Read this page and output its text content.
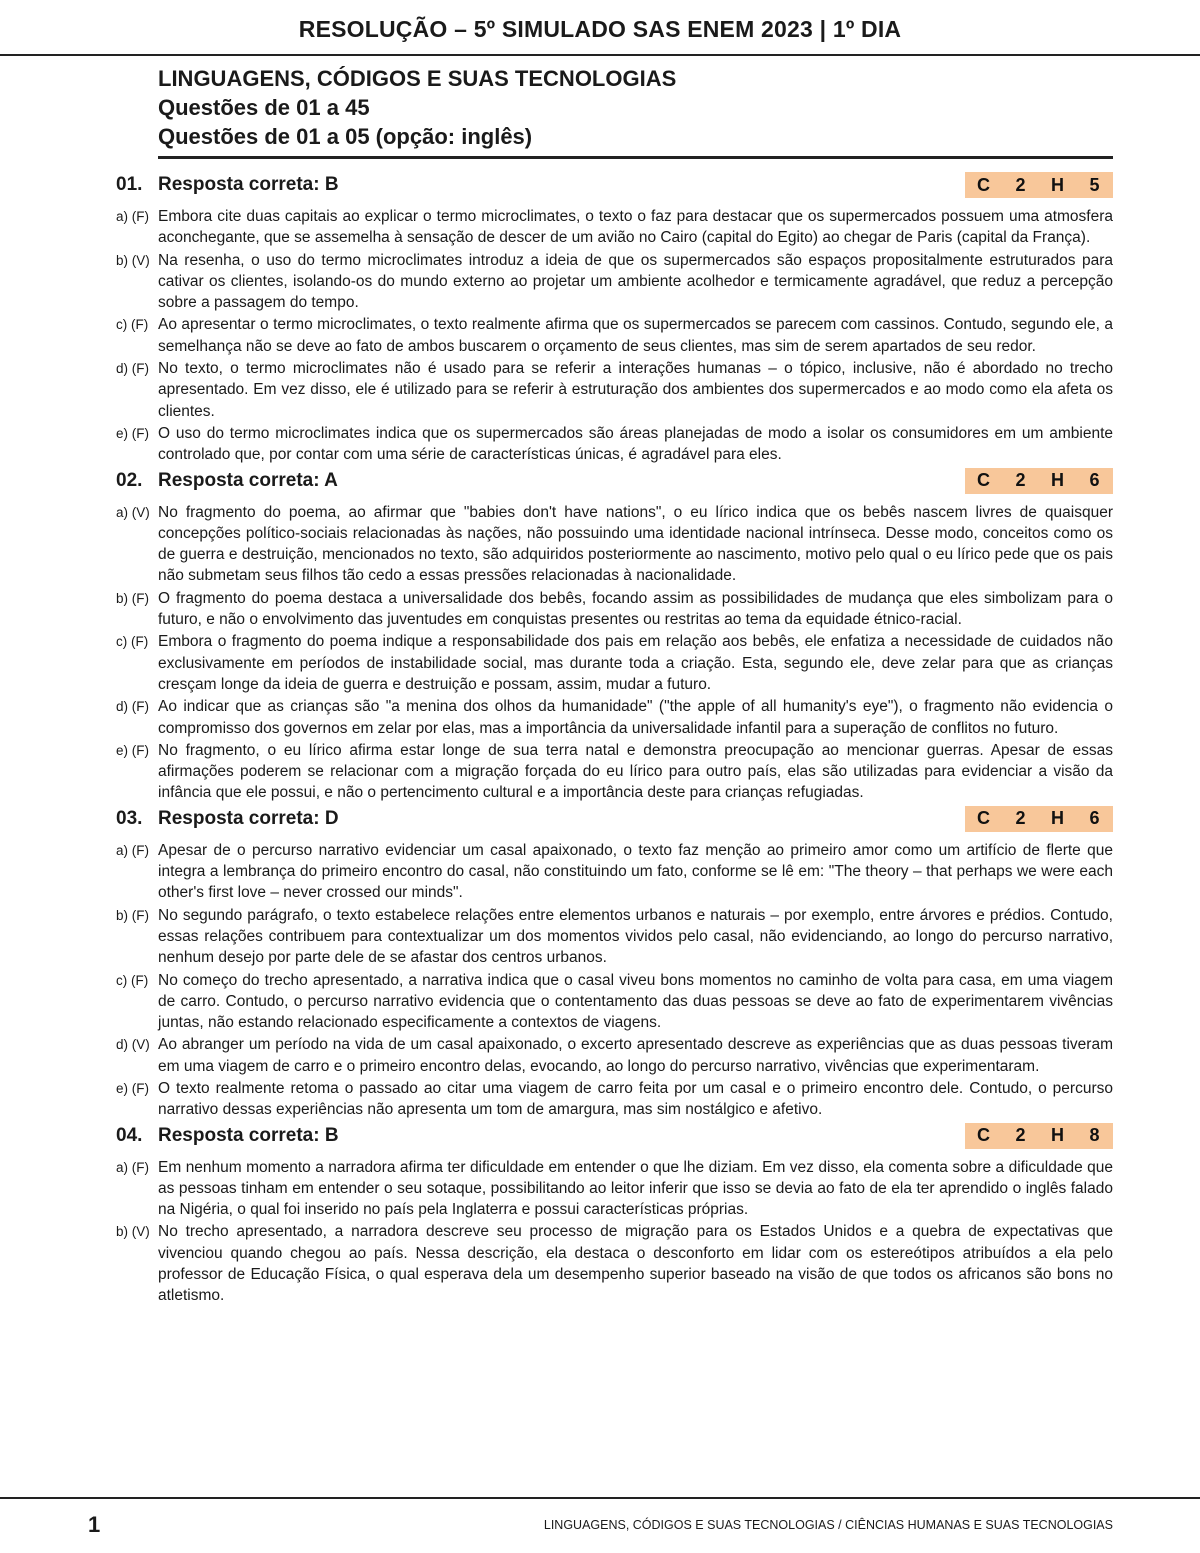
RESOLUÇÃO – 5º SIMULADO SAS ENEM 2023 | 1º DIA
LINGUAGENS, CÓDIGOS E SUAS TECNOLOGIAS
Questões de 01 a 45
Questões de 01 a 05 (opção: inglês)
01. Resposta correta: B	C	2	H	5
a) (F) Embora cite duas capitais ao explicar o termo microclimates, o texto o faz para destacar que os supermercados possuem uma atmosfera aconchegante, que se assemelha à sensação de descer de um avião no Cairo (capital do Egito) ao chegar de Paris (capital da França).
b) (V) Na resenha, o uso do termo microclimates introduz a ideia de que os supermercados são espaços propositalmente estruturados para cativar os clientes, isolando-os do mundo externo ao projetar um ambiente acolhedor e termicamente agradável, que reduz a percepção sobre a passagem do tempo.
c) (F) Ao apresentar o termo microclimates, o texto realmente afirma que os supermercados se parecem com cassinos. Contudo, segundo ele, a semelhança não se deve ao fato de ambos buscarem o orçamento de seus clientes, mas sim de serem apartados de seu redor.
d) (F) No texto, o termo microclimates não é usado para se referir a interações humanas – o tópico, inclusive, não é abordado no trecho apresentado. Em vez disso, ele é utilizado para se referir à estruturação dos ambientes dos supermercados e ao modo como ela afeta os clientes.
e) (F) O uso do termo microclimates indica que os supermercados são áreas planejadas de modo a isolar os consumidores em um ambiente controlado que, por contar com uma série de características únicas, é agradável para eles.
02. Resposta correta: A	C	2	H	6
a) (V) No fragmento do poema, ao afirmar que "babies don't have nations", o eu lírico indica que os bebês nascem livres de quaisquer concepções político-sociais relacionadas às nações, não possuindo uma identidade nacional intrínseca. Desse modo, conceitos como os de guerra e destruição, mencionados no texto, são adquiridos posteriormente ao nascimento, motivo pelo qual o eu lírico pede que os pais não submetam seus filhos tão cedo a essas pressões relacionadas à nacionalidade.
b) (F) O fragmento do poema destaca a universalidade dos bebês, focando assim as possibilidades de mudança que eles simbolizam para o futuro, e não o envolvimento das juventudes em conquistas presentes ou restritas ao tema da equidade étnico-racial.
c) (F) Embora o fragmento do poema indique a responsabilidade dos pais em relação aos bebês, ele enfatiza a necessidade de cuidados não exclusivamente em períodos de instabilidade social, mas durante toda a criação. Esta, segundo ele, deve zelar para que as crianças cresçam longe da ideia de guerra e destruição e possam, assim, mudar a futuro.
d) (F) Ao indicar que as crianças são "a menina dos olhos da humanidade" ("the apple of all humanity's eye"), o fragmento não evidencia o compromisso dos governos em zelar por elas, mas a importância da universalidade infantil para a superação de conflitos no futuro.
e) (F) No fragmento, o eu lírico afirma estar longe de sua terra natal e demonstra preocupação ao mencionar guerras. Apesar de essas afirmações poderem se relacionar com a migração forçada do eu lírico para outro país, elas são utilizadas para evidenciar a visão da infância que ele possui, e não o pertencimento cultural e a importância deste para crianças refugiadas.
03. Resposta correta: D	C	2	H	6
a) (F) Apesar de o percurso narrativo evidenciar um casal apaixonado, o texto faz menção ao primeiro amor como um artifício de flerte que integra a lembrança do primeiro encontro do casal, não constituindo um fato, conforme se lê em: "The theory – that perhaps we were each other's first love – never crossed our minds".
b) (F) No segundo parágrafo, o texto estabelece relações entre elementos urbanos e naturais – por exemplo, entre árvores e prédios. Contudo, essas relações contribuem para contextualizar um dos momentos vividos pelo casal, não evidenciando, ao longo do percurso narrativo, nenhum desejo por parte dele de se afastar dos centros urbanos.
c) (F) No começo do trecho apresentado, a narrativa indica que o casal viveu bons momentos no caminho de volta para casa, em uma viagem de carro. Contudo, o percurso narrativo evidencia que o contentamento das duas pessoas se deve ao fato de experimentarem vivências juntas, não estando relacionado especificamente a contextos de viagens.
d) (V) Ao abranger um período na vida de um casal apaixonado, o excerto apresentado descreve as experiências que as duas pessoas tiveram em uma viagem de carro e o primeiro encontro delas, evocando, ao longo do percurso narrativo, vivências que experimentaram.
e) (F) O texto realmente retoma o passado ao citar uma viagem de carro feita por um casal e o primeiro encontro dele. Contudo, o percurso narrativo dessas experiências não apresenta um tom de amargura, mas sim nostálgico e afetivo.
04. Resposta correta: B	C	2	H	8
a) (F) Em nenhum momento a narradora afirma ter dificuldade em entender o que lhe diziam. Em vez disso, ela comenta sobre a dificuldade que as pessoas tinham em entender o seu sotaque, possibilitando ao leitor inferir que isso se devia ao fato de ela ter aprendido o inglês falado na Nigéria, o qual foi inserido no país pela Inglaterra e possui características próprias.
b) (V) No trecho apresentado, a narradora descreve seu processo de migração para os Estados Unidos e a quebra de expectativas que vivenciou quando chegou ao país. Nessa descrição, ela destaca o desconforto em lidar com os estereótipos atribuídos a ela pelo professor de Educação Física, o qual esperava dela um desempenho superior baseado na visão de que todos os africanos são bons no atletismo.
1	LINGUAGENS, CÓDIGOS E SUAS TECNOLOGIAS / CIÊNCIAS HUMANAS E SUAS TECNOLOGIAS
